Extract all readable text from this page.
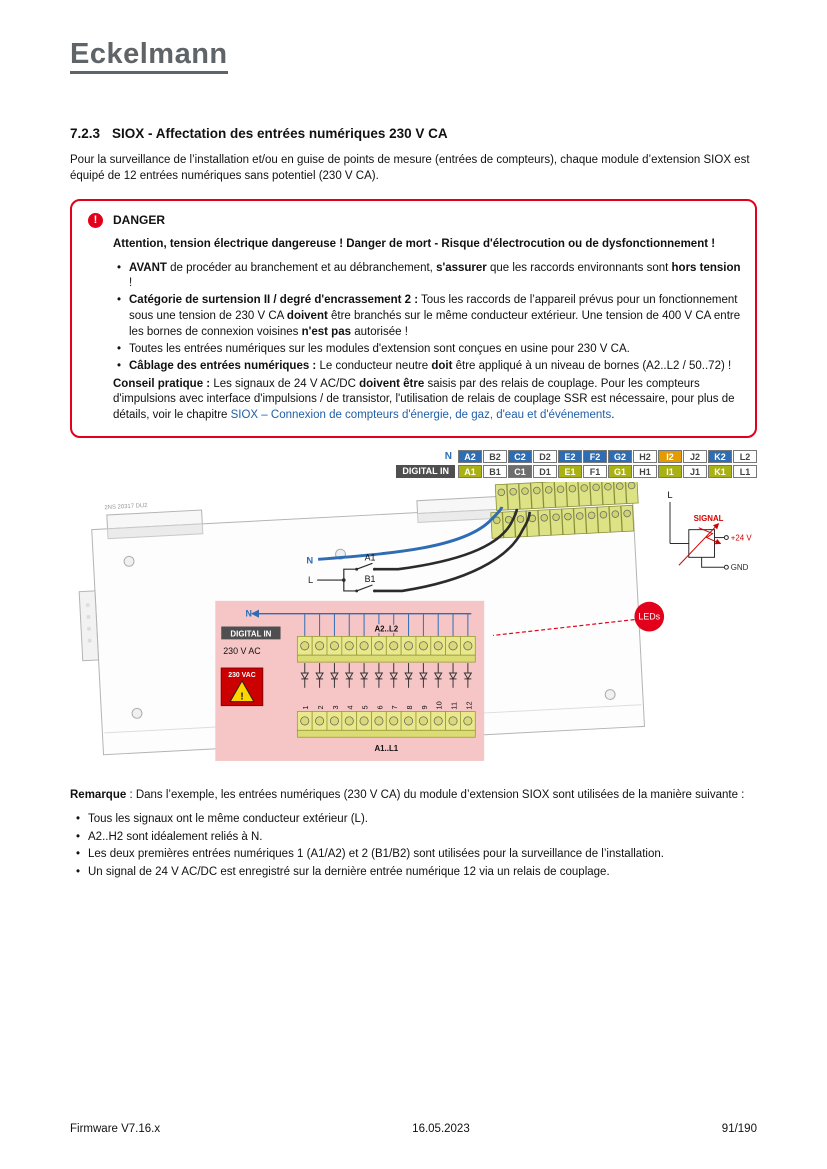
Eckelmann
7.2.3 SIOX - Affectation des entrées numériques 230 V CA

Pour la surveillance de l’installation et/ou en guise de points de mesure (entrées de compteurs), chaque module d’extension SIOX est équipé de 12 entrées numériques sans potentiel (230 V CA).

!	DANGER

Attention, tension électrique dangereuse ! Danger de mort - Risque d'électrocution ou de dysfonctionnement !

• AVANT de procéder au branchement et au débranchement, s'assurer que les raccords environnants sont hors tension !
• Catégorie de surtension II / degré d'encrassement 2 : Tous les raccords de l’appareil prévus pour un fonctionnement sous une tension de 230 V CA doivent être branchés sur le même conducteur extérieur. Une tension de 400 V CA entre les bornes de connexion voisines n'est pas autorisée !
• Toutes les entrées numériques sur les modules d'extension sont conçues en usine pour 230 V CA.
• Câblage des entrées numériques : Le conducteur neutre doit être appliqué à un niveau de bornes (A2..L2 / 50..72) !

Conseil pratique : Les signaux de 24 V AC/DC doivent être saisis par des relais de couplage. Pour les compteurs d'impulsions avec interface d'impulsions / de transistor, l'utilisation de relais de couplage SSR est nécessaire, pour plus de détails, voir le chapitre SIOX – Connexion de compteurs d'énergie, de gaz, d'eau et d'événements.

N	A2	B2	C2	D2	E2	F2	G2	H2	I2	J2	K2	L2
DIGITAL IN	A1	B1	C1	D1	E1	F1	G1	H1	I1	J1	K1	L1
2NS 20317 DU2
N
L
A1
B1
L
SIGNAL
+24 V
GND
N
A2..L2
1 2 3 4 5 6 7 8 9 10 11 12
A1..L1
DIGITAL IN
230 V AC
230 VAC
!
LEDs

Remarque : Dans l’exemple, les entrées numériques (230 V CA) du module d’extension SIOX sont utilisées de la manière suivante :

• Tous les signaux ont le même conducteur extérieur (L).
• A2..H2 sont idéalement reliés à N.
• Les deux premières entrées numériques 1 (A1/A2) et 2 (B1/B2) sont utilisées pour la surveillance de l’installation.
• Un signal de 24 V AC/DC est enregistré sur la dernière entrée numérique 12 via un relais de couplage.
Firmware V7.16.x	16.05.2023	91/190
